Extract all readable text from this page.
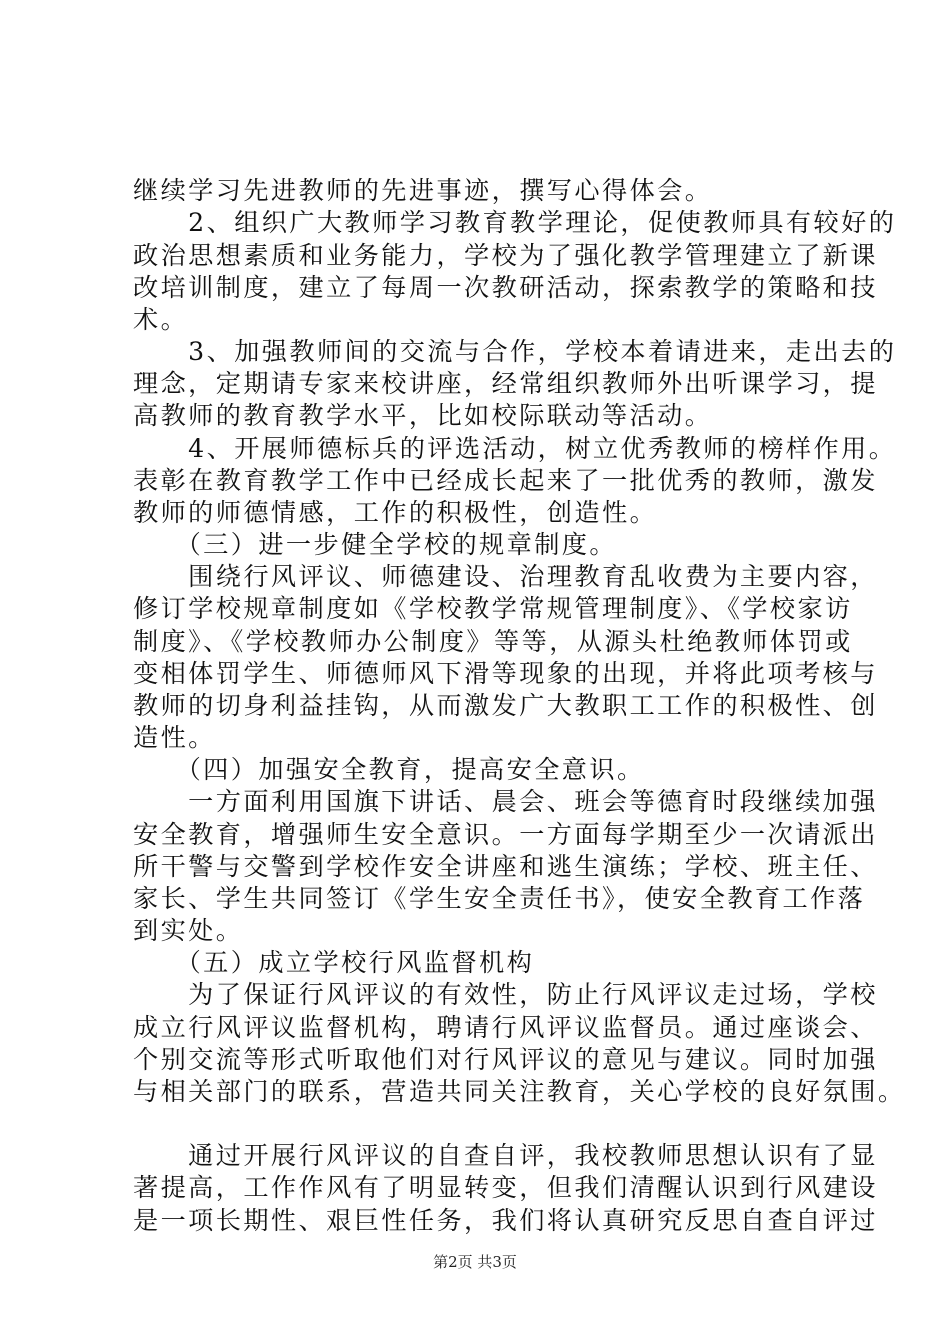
继续学习先进教师的先进事迹，撰写心得体会。
　　2、组织广大教师学习教育教学理论，促使教师具有较好的
政治思想素质和业务能力，学校为了强化教学管理建立了新课
改培训制度，建立了每周一次教研活动，探索教学的策略和技
术。
　　3、加强教师间的交流与合作，学校本着请进来，走出去的
理念，定期请专家来校讲座，经常组织教师外出听课学习，提
高教师的教育教学水平，比如校际联动等活动。
　　4、开展师德标兵的评选活动，树立优秀教师的榜样作用。
表彰在教育教学工作中已经成长起来了一批优秀的教师，激发
教师的师德情感，工作的积极性，创造性。
　　（三）进一步健全学校的规章制度。
　　围绕行风评议、师德建设、治理教育乱收费为主要内容，
修订学校规章制度如《学校教学常规管理制度》、《学校家访
制度》、《学校教师办公制度》等等，从源头杜绝教师体罚或
变相体罚学生、师德师风下滑等现象的出现，并将此项考核与
教师的切身利益挂钩，从而激发广大教职工工作的积极性、创
造性。
　　（四）加强安全教育，提高安全意识。
　　一方面利用国旗下讲话、晨会、班会等德育时段继续加强
安全教育，增强师生安全意识。一方面每学期至少一次请派出
所干警与交警到学校作安全讲座和逃生演练；学校、班主任、
家长、学生共同签订《学生安全责任书》，使安全教育工作落
到实处。
　　（五）成立学校行风监督机构
　　为了保证行风评议的有效性，防止行风评议走过场，学校
成立行风评议监督机构，聘请行风评议监督员。通过座谈会、
个别交流等形式听取他们对行风评议的意见与建议。同时加强
与相关部门的联系，营造共同关注教育，关心学校的良好氛围。
　　通过开展行风评议的自查自评，我校教师思想认识有了显
著提高，工作作风有了明显转变，但我们清醒认识到行风建设
是一项长期性、艰巨性任务，我们将认真研究反思自查自评过
第2页 共3页
